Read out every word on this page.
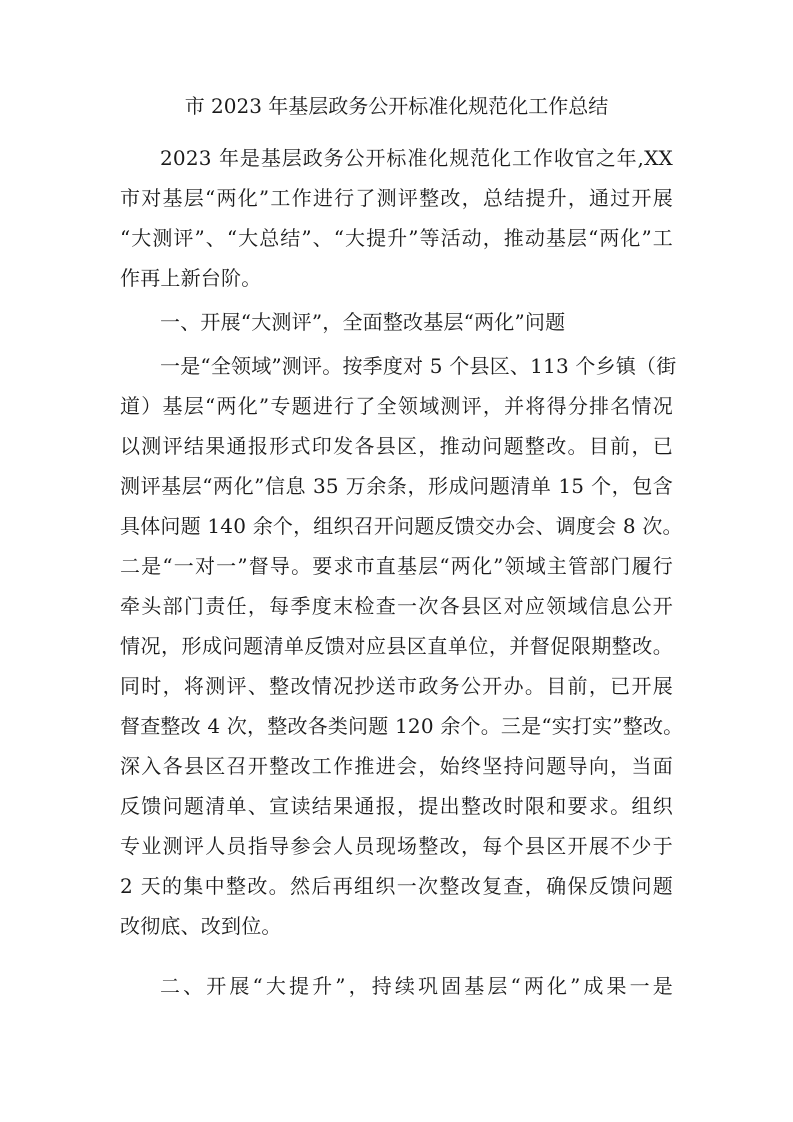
市 2023 年基层政务公开标准化规范化工作总结
2023 年是基层政务公开标准化规范化工作收官之年,XX
市对基层“两化”工作进行了测评整改，总结提升，通过开展
“大测评”、“大总结”、“大提升”等活动，推动基层“两化”工
作再上新台阶。
一、开展“大测评”，全面整改基层“两化”问题
一是“全领域”测评。按季度对 5 个县区、113 个乡镇（街
道）基层“两化”专题进行了全领域测评，并将得分排名情况
以测评结果通报形式印发各县区，推动问题整改。目前，已
测评基层“两化”信息 35 万余条，形成问题清单 15 个，包含
具体问题 140 余个，组织召开问题反馈交办会、调度会 8 次。
二是“一对一”督导。要求市直基层“两化”领域主管部门履行
牵头部门责任，每季度末检查一次各县区对应领域信息公开
情况，形成问题清单反馈对应县区直单位，并督促限期整改。
同时，将测评、整改情况抄送市政务公开办。目前，已开展
督查整改 4 次，整改各类问题 120 余个。三是“实打实”整改。
深入各县区召开整改工作推进会，始终坚持问题导向，当面
反馈问题清单、宣读结果通报，提出整改时限和要求。组织
专业测评人员指导参会人员现场整改，每个县区开展不少于
2 天的集中整改。然后再组织一次整改复查，确保反馈问题
改彻底、改到位。
二、开展“大提升”，持续巩固基层“两化”成果一是
